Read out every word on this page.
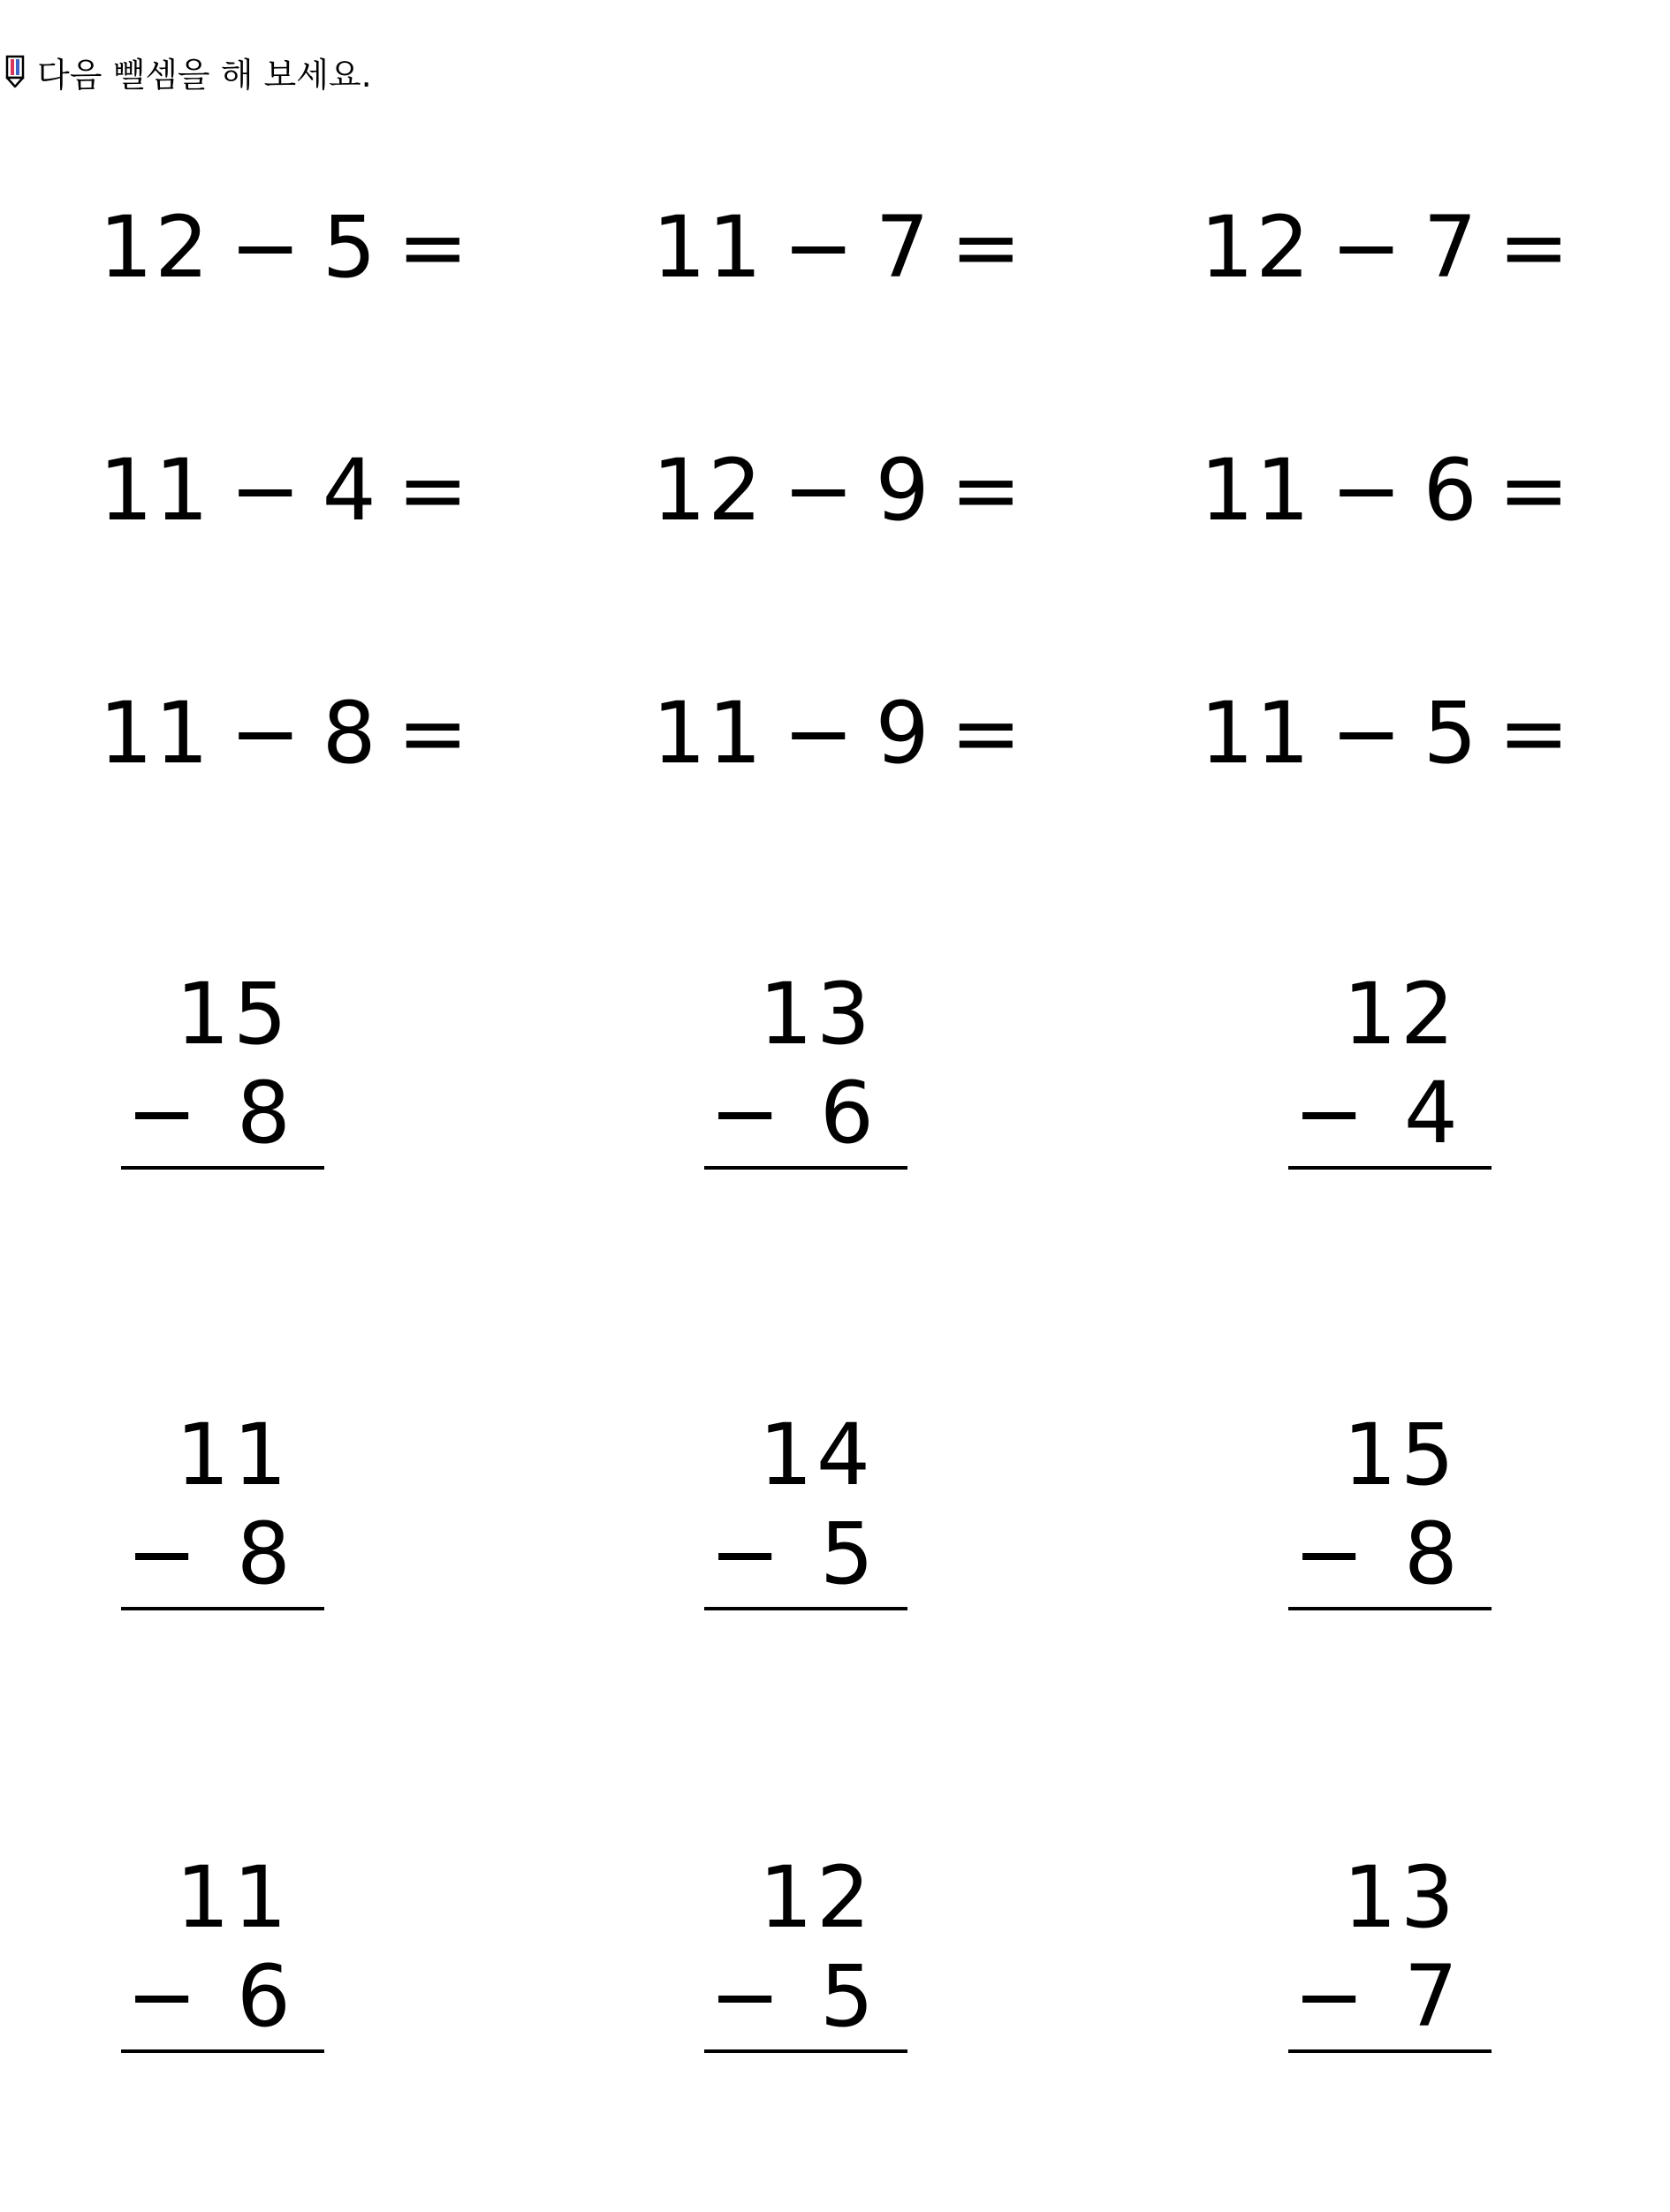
다음 뺄셈을 해 보세요.
12 − 5 = 11 − 7 = 12 − 7 =
11 − 4 = 12 − 9 = 11 − 6 =
11 − 8 = 11 − 9 = 11 − 5 =
15
− 8
13
− 6
12
− 4
11
− 8
14
− 5
15
− 8
11
− 6
12
− 5
13
− 7
